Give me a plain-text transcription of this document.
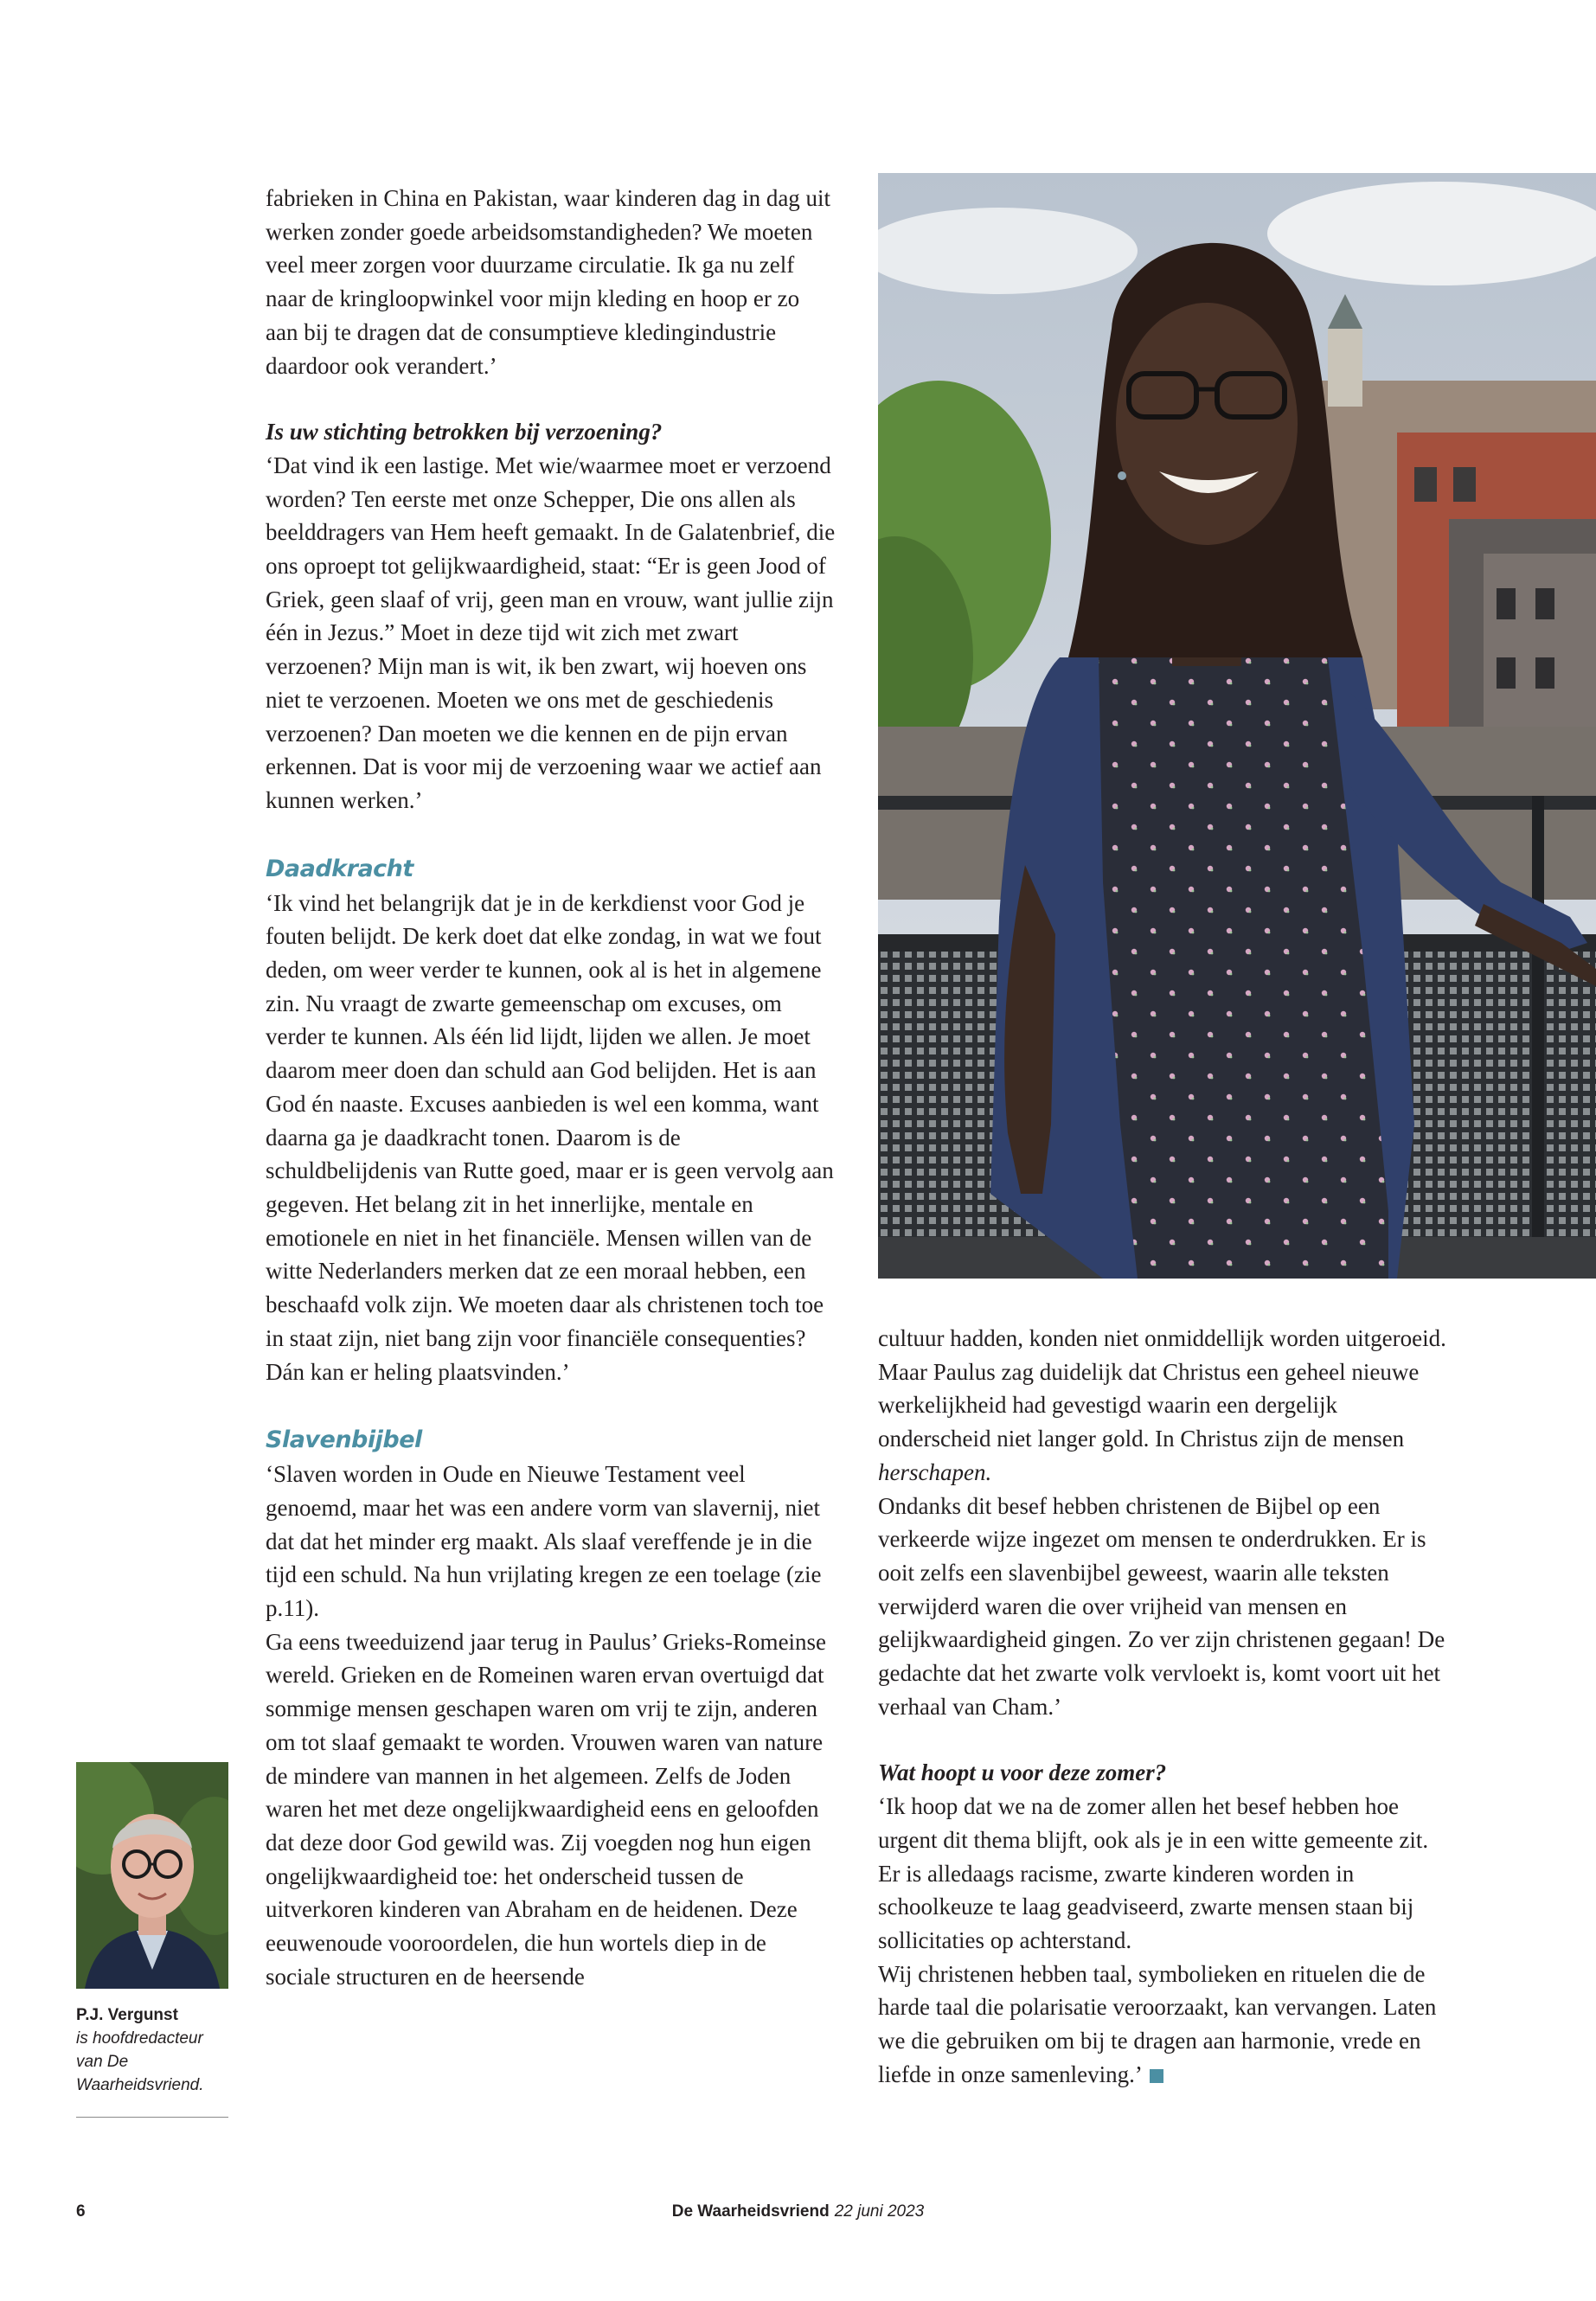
fabrieken in China en Pakistan, waar kinderen dag in dag uit werken zonder goede arbeidsomstandigheden? We moeten veel meer zorgen voor duurzame circulatie. Ik ga nu zelf naar de kringloopwinkel voor mijn kleding en hoop er zo aan bij te dragen dat de consumptieve kledingindustrie daardoor ook verandert.’

Is uw stichting betrokken bij verzoening?

‘Dat vind ik een lastige. Met wie/waarmee moet er verzoend worden? Ten eerste met onze Schepper, Die ons allen als beelddragers van Hem heeft gemaakt. In de Galatenbrief, die ons oproept tot gelijkwaardigheid, staat: “Er is geen Jood of Griek, geen slaaf of vrij, geen man en vrouw, want jullie zijn één in Jezus.” Moet in deze tijd wit zich met zwart verzoenen? Mijn man is wit, ik ben zwart, wij hoeven ons niet te verzoenen. Moeten we ons met de geschiedenis verzoenen? Dan moeten we die kennen en de pijn ervan erkennen. Dat is voor mij de verzoening waar we actief aan kunnen werken.’

Daadkracht

‘Ik vind het belangrijk dat je in de kerkdienst voor God je fouten belijdt. De kerk doet dat elke zondag, in wat we fout deden, om weer verder te kunnen, ook al is het in algemene zin. Nu vraagt de zwarte gemeenschap om excuses, om verder te kunnen. Als één lid lijdt, lijden we allen. Je moet daarom meer doen dan schuld aan God belijden. Het is aan God én naaste. Excuses aanbieden is wel een komma, want daarna ga je daadkracht tonen. Daarom is de schuldbelijdenis van Rutte goed, maar er is geen vervolg aan gegeven. Het belang zit in het innerlijke, mentale en emotionele en niet in het financiële. Mensen willen van de witte Nederlanders merken dat ze een moraal hebben, een beschaafd volk zijn. We moeten daar als christenen toch toe in staat zijn, niet bang zijn voor financiële consequenties? Dán kan er heling plaatsvinden.’

Slavenbijbel

‘Slaven worden in Oude en Nieuwe Testament veel genoemd, maar het was een andere vorm van slavernij, niet dat dat het minder erg maakt. Als slaaf vereffende je in die tijd een schuld. Na hun vrijlating kregen ze een toelage (zie p.11).

Ga eens tweeduizend jaar terug in Paulus’ Grieks-Romeinse wereld. Grieken en de Romeinen waren ervan overtuigd dat sommige mensen geschapen waren om vrij te zijn, anderen om tot slaaf gemaakt te worden. Vrouwen waren van nature de mindere van mannen in het algemeen. Zelfs de Joden waren het met deze ongelijkwaardigheid eens en geloofden dat deze door God gewild was. Zij voegden nog hun eigen ongelijkwaardigheid toe: het onderscheid tussen de uitverkoren kinderen van Abraham en de heidenen. Deze eeuwenoude vooroordelen, die hun wortels diep in de sociale structuren en de heersende

cultuur hadden, konden niet onmiddellijk worden uitgeroeid. Maar Paulus zag duidelijk dat Christus een geheel nieuwe werkelijkheid had gevestigd waarin een dergelijk onderscheid niet langer gold. In Christus zijn de mensen herschapen.

Ondanks dit besef hebben christenen de Bijbel op een verkeerde wijze ingezet om mensen te onderdrukken. Er is ooit zelfs een slavenbijbel geweest, waarin alle teksten verwijderd waren die over vrijheid van mensen en gelijkwaardigheid gingen. Zo ver zijn christenen gegaan! De gedachte dat het zwarte volk vervloekt is, komt voort uit het verhaal van Cham.’

Wat hoopt u voor deze zomer?

‘Ik hoop dat we na de zomer allen het besef hebben hoe urgent dit thema blijft, ook als je in een witte gemeente zit. Er is alledaags racisme, zwarte kinderen worden in schoolkeuze te laag geadviseerd, zwarte mensen staan bij sollicitaties op achterstand.

Wij christenen hebben taal, symbolieken en rituelen die de harde taal die polarisatie veroorzaakt, kan vervangen. Laten we die gebruiken om bij te dragen aan harmonie, vrede en liefde in onze samenleving.’

P.J. Vergunst
is hoofdredacteur van De Waarheidsvriend.
6	De Waarheidsvriend 22 juni 2023
